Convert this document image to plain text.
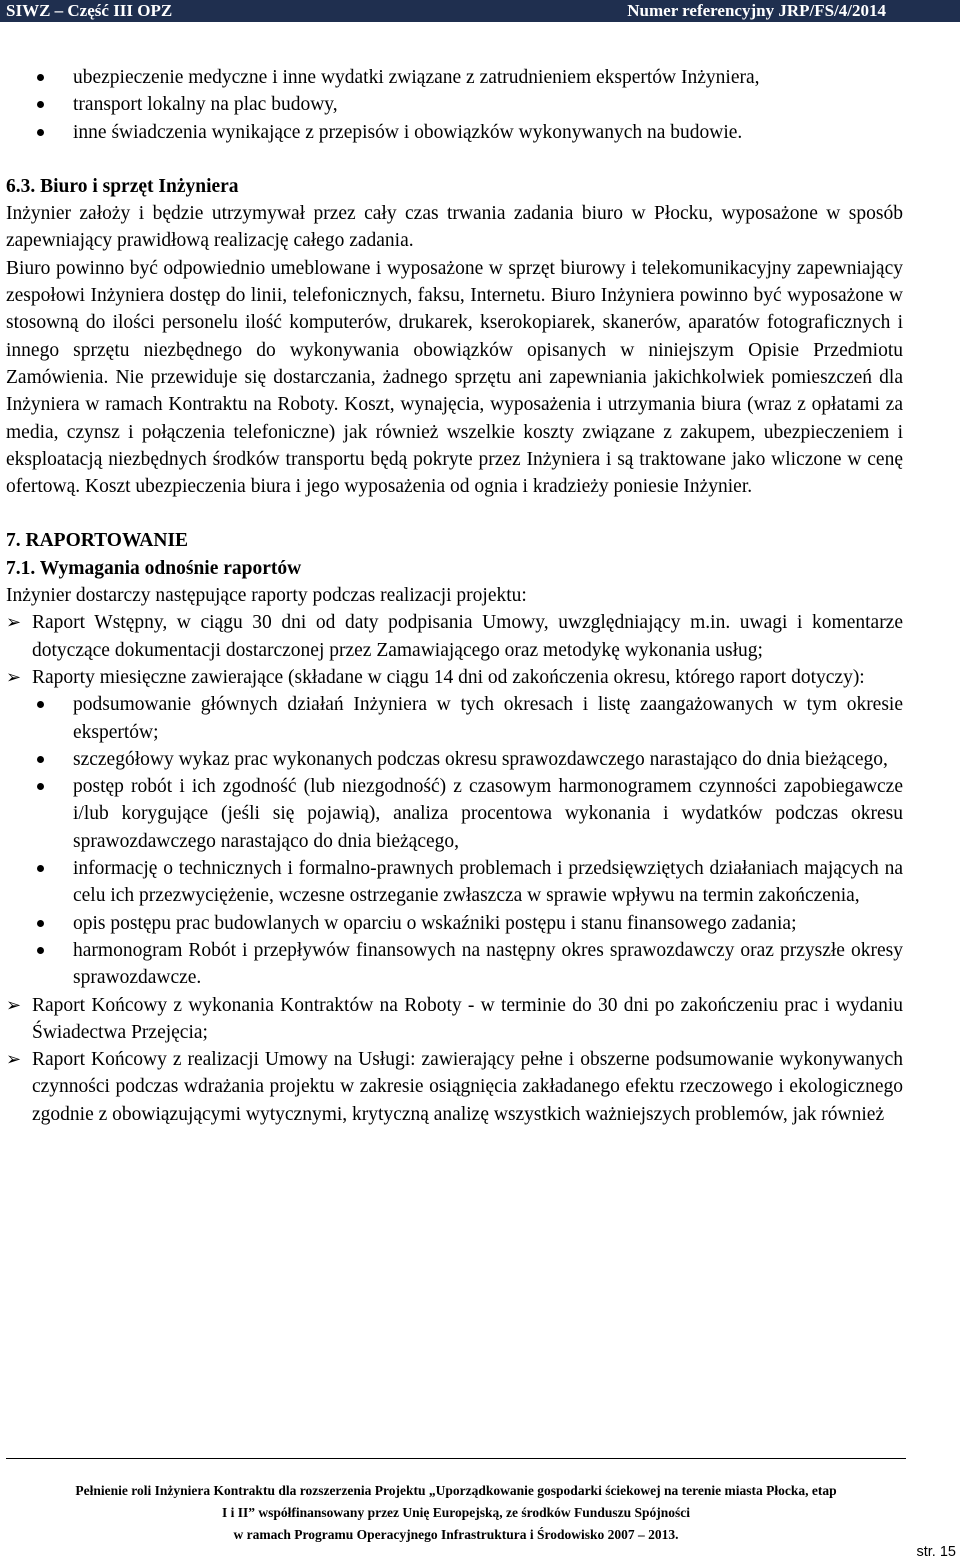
SIWZ – Część III OPZ	Numer referencyjny JRP/FS/4/2014
ubezpieczenie medyczne i inne wydatki związane z zatrudnieniem ekspertów Inżyniera,
transport lokalny na plac budowy,
inne świadczenia wynikające z przepisów i obowiązków wykonywanych na budowie.

6.3. Biuro i sprzęt Inżyniera

Inżynier założy i będzie utrzymywał przez cały czas trwania zadania biuro w Płocku, wyposażone w sposób zapewniający prawidłową realizację całego zadania.

Biuro powinno być odpowiednio umeblowane i wyposażone w sprzęt biurowy i telekomunikacyjny zapewniający zespołowi Inżyniera dostęp do linii, telefonicznych, faksu, Internetu. Biuro Inżyniera powinno być wyposażone w stosowną do ilości personelu ilość komputerów, drukarek, kserokopiarek, skanerów, aparatów fotograficznych i innego sprzętu niezbędnego do wykonywania obowiązków opisanych w niniejszym Opisie Przedmiotu Zamówienia. Nie przewiduje się dostarczania, żadnego sprzętu ani zapewniania jakichkolwiek pomieszczeń dla Inżyniera w ramach Kontraktu na Roboty. Koszt, wynajęcia, wyposażenia i utrzymania biura (wraz z opłatami za media, czynsz i połączenia telefoniczne) jak również wszelkie koszty związane z zakupem, ubezpieczeniem i eksploatacją niezbędnych środków transportu będą pokryte przez Inżyniera i są traktowane jako wliczone w cenę ofertową. Koszt ubezpieczenia biura i jego wyposażenia od ognia i kradzieży poniesie Inżynier.

7. RAPORTOWANIE

7.1. Wymagania odnośnie raportów

Inżynier dostarczy następujące raporty podczas realizacji projektu:

➢ Raport Wstępny, w ciągu 30 dni od daty podpisania Umowy, uwzględniający m.in. uwagi i komentarze dotyczące dokumentacji dostarczonej przez Zamawiającego oraz metodykę wykonania usług;
➢ Raporty miesięczne zawierające (składane w ciągu 14 dni od zakończenia okresu, którego raport dotyczy):
podsumowanie głównych działań Inżyniera w tych okresach i listę zaangażowanych w tym okresie ekspertów;
szczegółowy wykaz prac wykonanych podczas okresu sprawozdawczego narastająco do dnia bieżącego,
postęp robót i ich zgodność (lub niezgodność) z czasowym harmonogramem czynności zapobiegawcze i/lub korygujące (jeśli się pojawią), analiza procentowa wykonania i wydatków podczas okresu sprawozdawczego narastająco do dnia bieżącego,
informację o technicznych i formalno-prawnych problemach i przedsięwziętych działaniach mających na celu ich przezwyciężenie, wczesne ostrzeganie zwłaszcza w sprawie wpływu na termin zakończenia,
opis postępu prac budowlanych w oparciu o wskaźniki postępu i stanu finansowego zadania;
harmonogram Robót i przepływów finansowych na następny okres sprawozdawczy oraz przyszłe okresy sprawozdawcze.
➢ Raport Końcowy z wykonania Kontraktów na Roboty - w terminie do 30 dni po zakończeniu prac i wydaniu Świadectwa Przejęcia;
➢ Raport Końcowy z realizacji Umowy na Usługi: zawierający pełne i obszerne podsumowanie wykonywanych czynności podczas wdrażania projektu w zakresie osiągnięcia zakładanego efektu rzeczowego i ekologicznego zgodnie z obowiązującymi wytycznymi, krytyczną analizę wszystkich ważniejszych problemów, jak również
Pełnienie roli Inżyniera Kontraktu dla rozszerzenia Projektu „Uporządkowanie gospodarki ściekowej na terenie miasta Płocka, etap
I i II” współfinansowany przez Unię Europejską, ze środków Funduszu Spójności
w ramach Programu Operacyjnego Infrastruktura i Środowisko 2007 – 2013.
str. 15
